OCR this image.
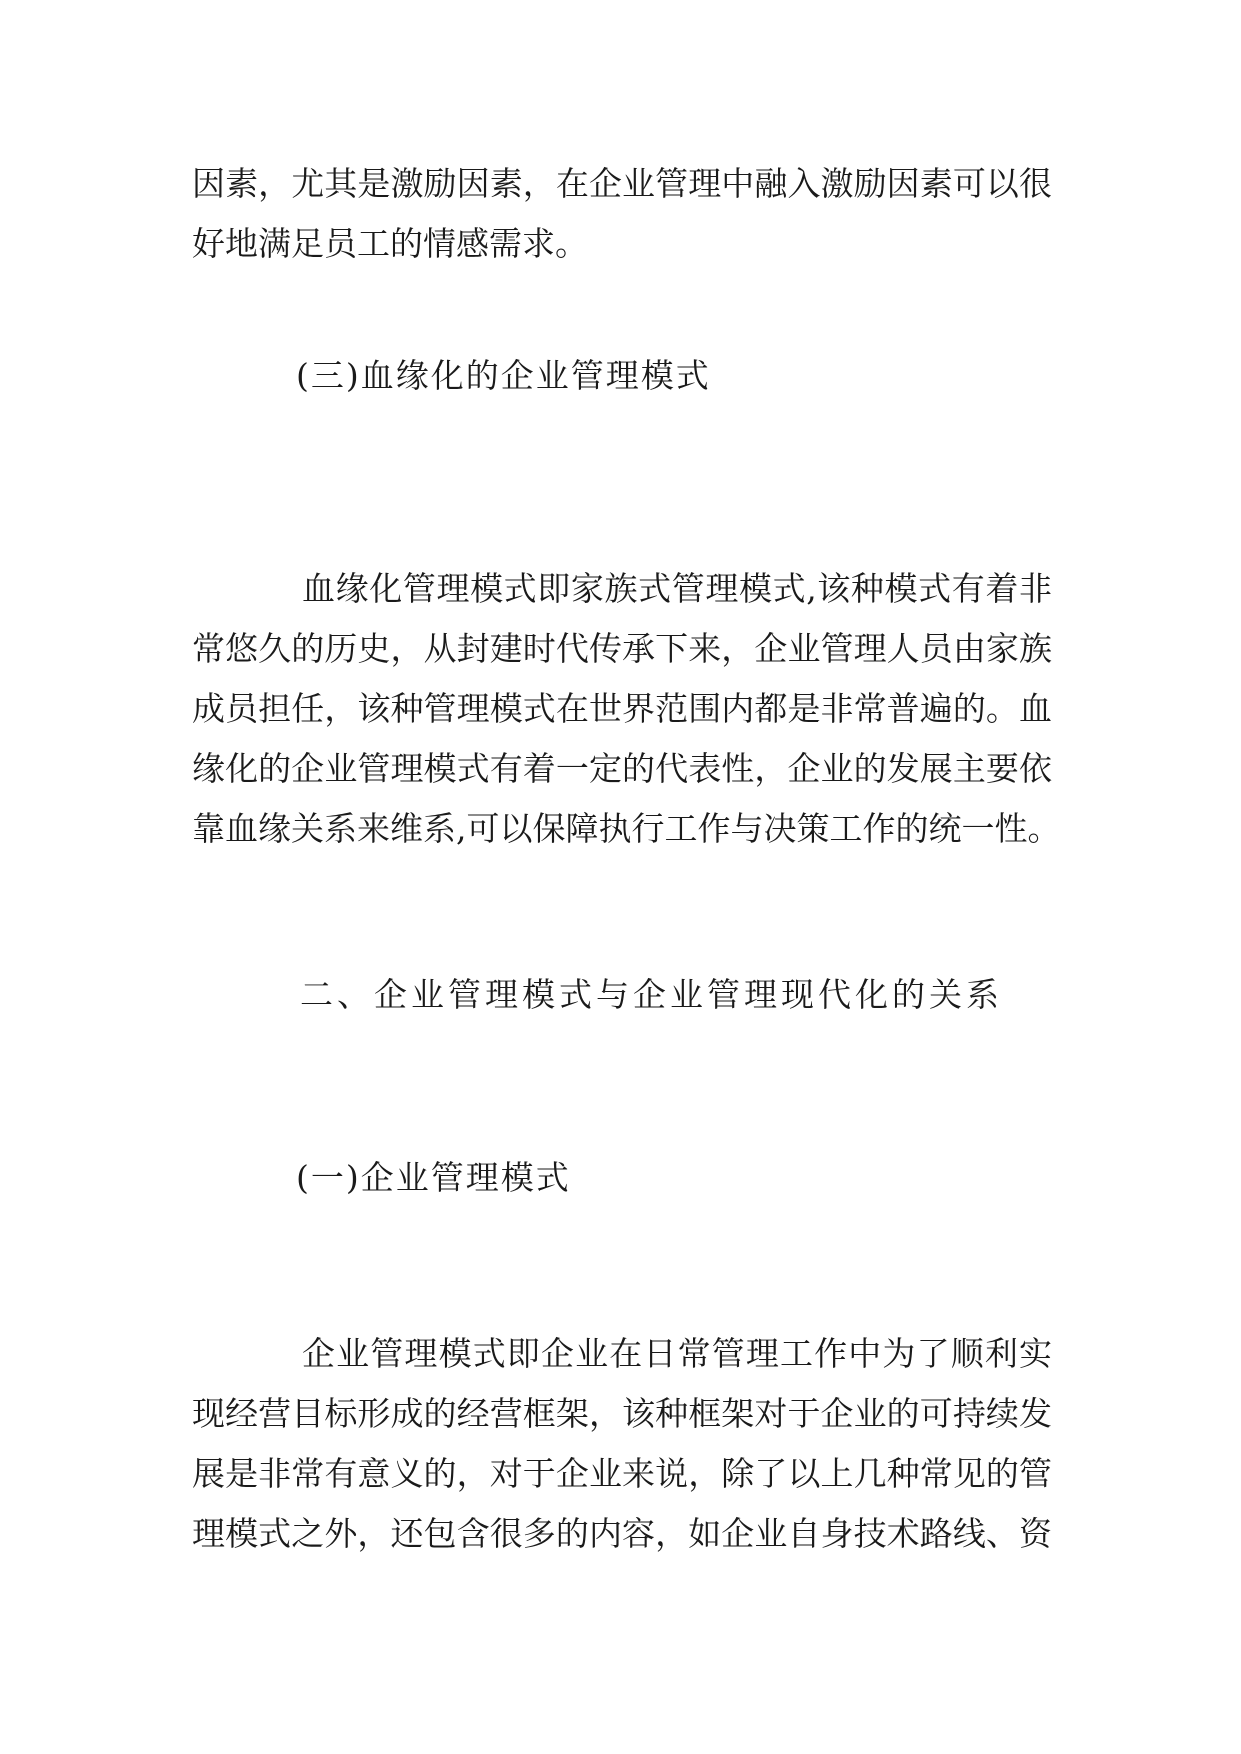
因素，尤其是激励因素，在企业管理中融入激励因素可以很
好地满足员工的情感需求。
(三)血缘化的企业管理模式
血缘化管理模式即家族式管理模式,该种模式有着非
常悠久的历史，从封建时代传承下来，企业管理人员由家族
成员担任，该种管理模式在世界范围内都是非常普遍的。血
缘化的企业管理模式有着一定的代表性，企业的发展主要依
靠血缘关系来维系,可以保障执行工作与决策工作的统一性。
二、企业管理模式与企业管理现代化的关系
(一)企业管理模式
企业管理模式即企业在日常管理工作中为了顺利实
现经营目标形成的经营框架，该种框架对于企业的可持续发
展是非常有意义的，对于企业来说，除了以上几种常见的管
理模式之外，还包含很多的内容，如企业自身技术路线、资
